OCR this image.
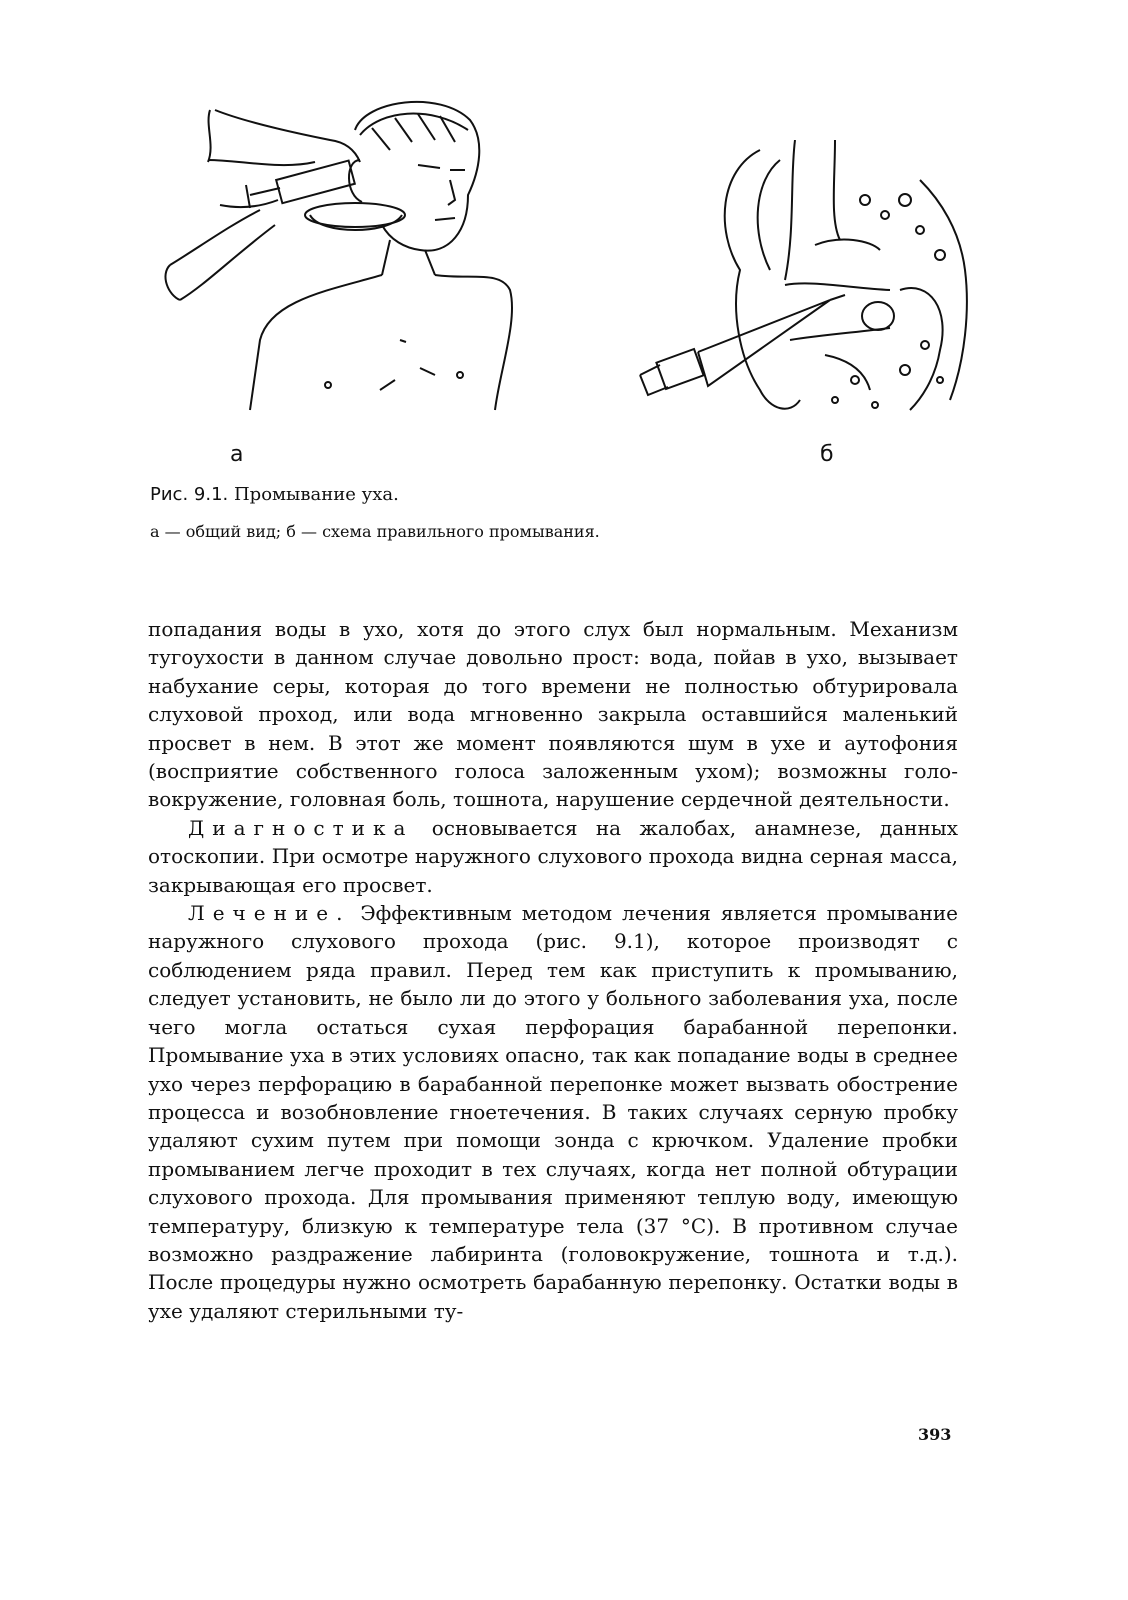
а	б
Рис. 9.1. Промывание уха.
а — общий вид; б — схема правильного промывания.

попадания воды в ухо, хотя до этого слух был нормальным. Механизм тугоухости в данном случае довольно прост: вода, пойав в ухо, вызывает набухание серы, которая до того времени не полностью обтурировала слуховой проход, или вода мгновенно закрыла оставшийся маленький просвет в нем. В этот же момент появляются шум в ухе и аутофония (восприятие собственного голоса заложенным ухом); возможны головокружение, головная боль, тошнота, нарушение сердечной деятельности.

Диагностика основывается на жалобах, анамнезе, данных отоскопии. При осмотре наружного слухового прохода видна серная масса, закрывающая его просвет.

Лечение. Эффективным методом лечения является промывание наружного слухового прохода (рис. 9.1), которое производят с соблюдением ряда правил. Перед тем как приступить к промыванию, следует установить, не было ли до этого у больного заболевания уха, после чего могла остаться сухая перфорация барабанной перепонки. Промывание уха в этих условиях опасно, так как попадание воды в среднее ухо через перфорацию в барабанной перепонке может вызвать обострение процесса и возобновление гноетечения. В таких случаях серную пробку удаляют сухим путем при помощи зонда с крючком. Удаление пробки промыванием легче проходит в тех случаях, когда нет полной обтурации слухового прохода. Для промывания применяют теплую воду, имеющую температуру, близкую к температуре тела (37 °С). В противном случае возможно раздражение лабиринта (головокружение, тошнота и т.д.). После процедуры нужно осмотреть барабанную перепонку. Остатки воды в ухе удаляют стерильными ту-

393
